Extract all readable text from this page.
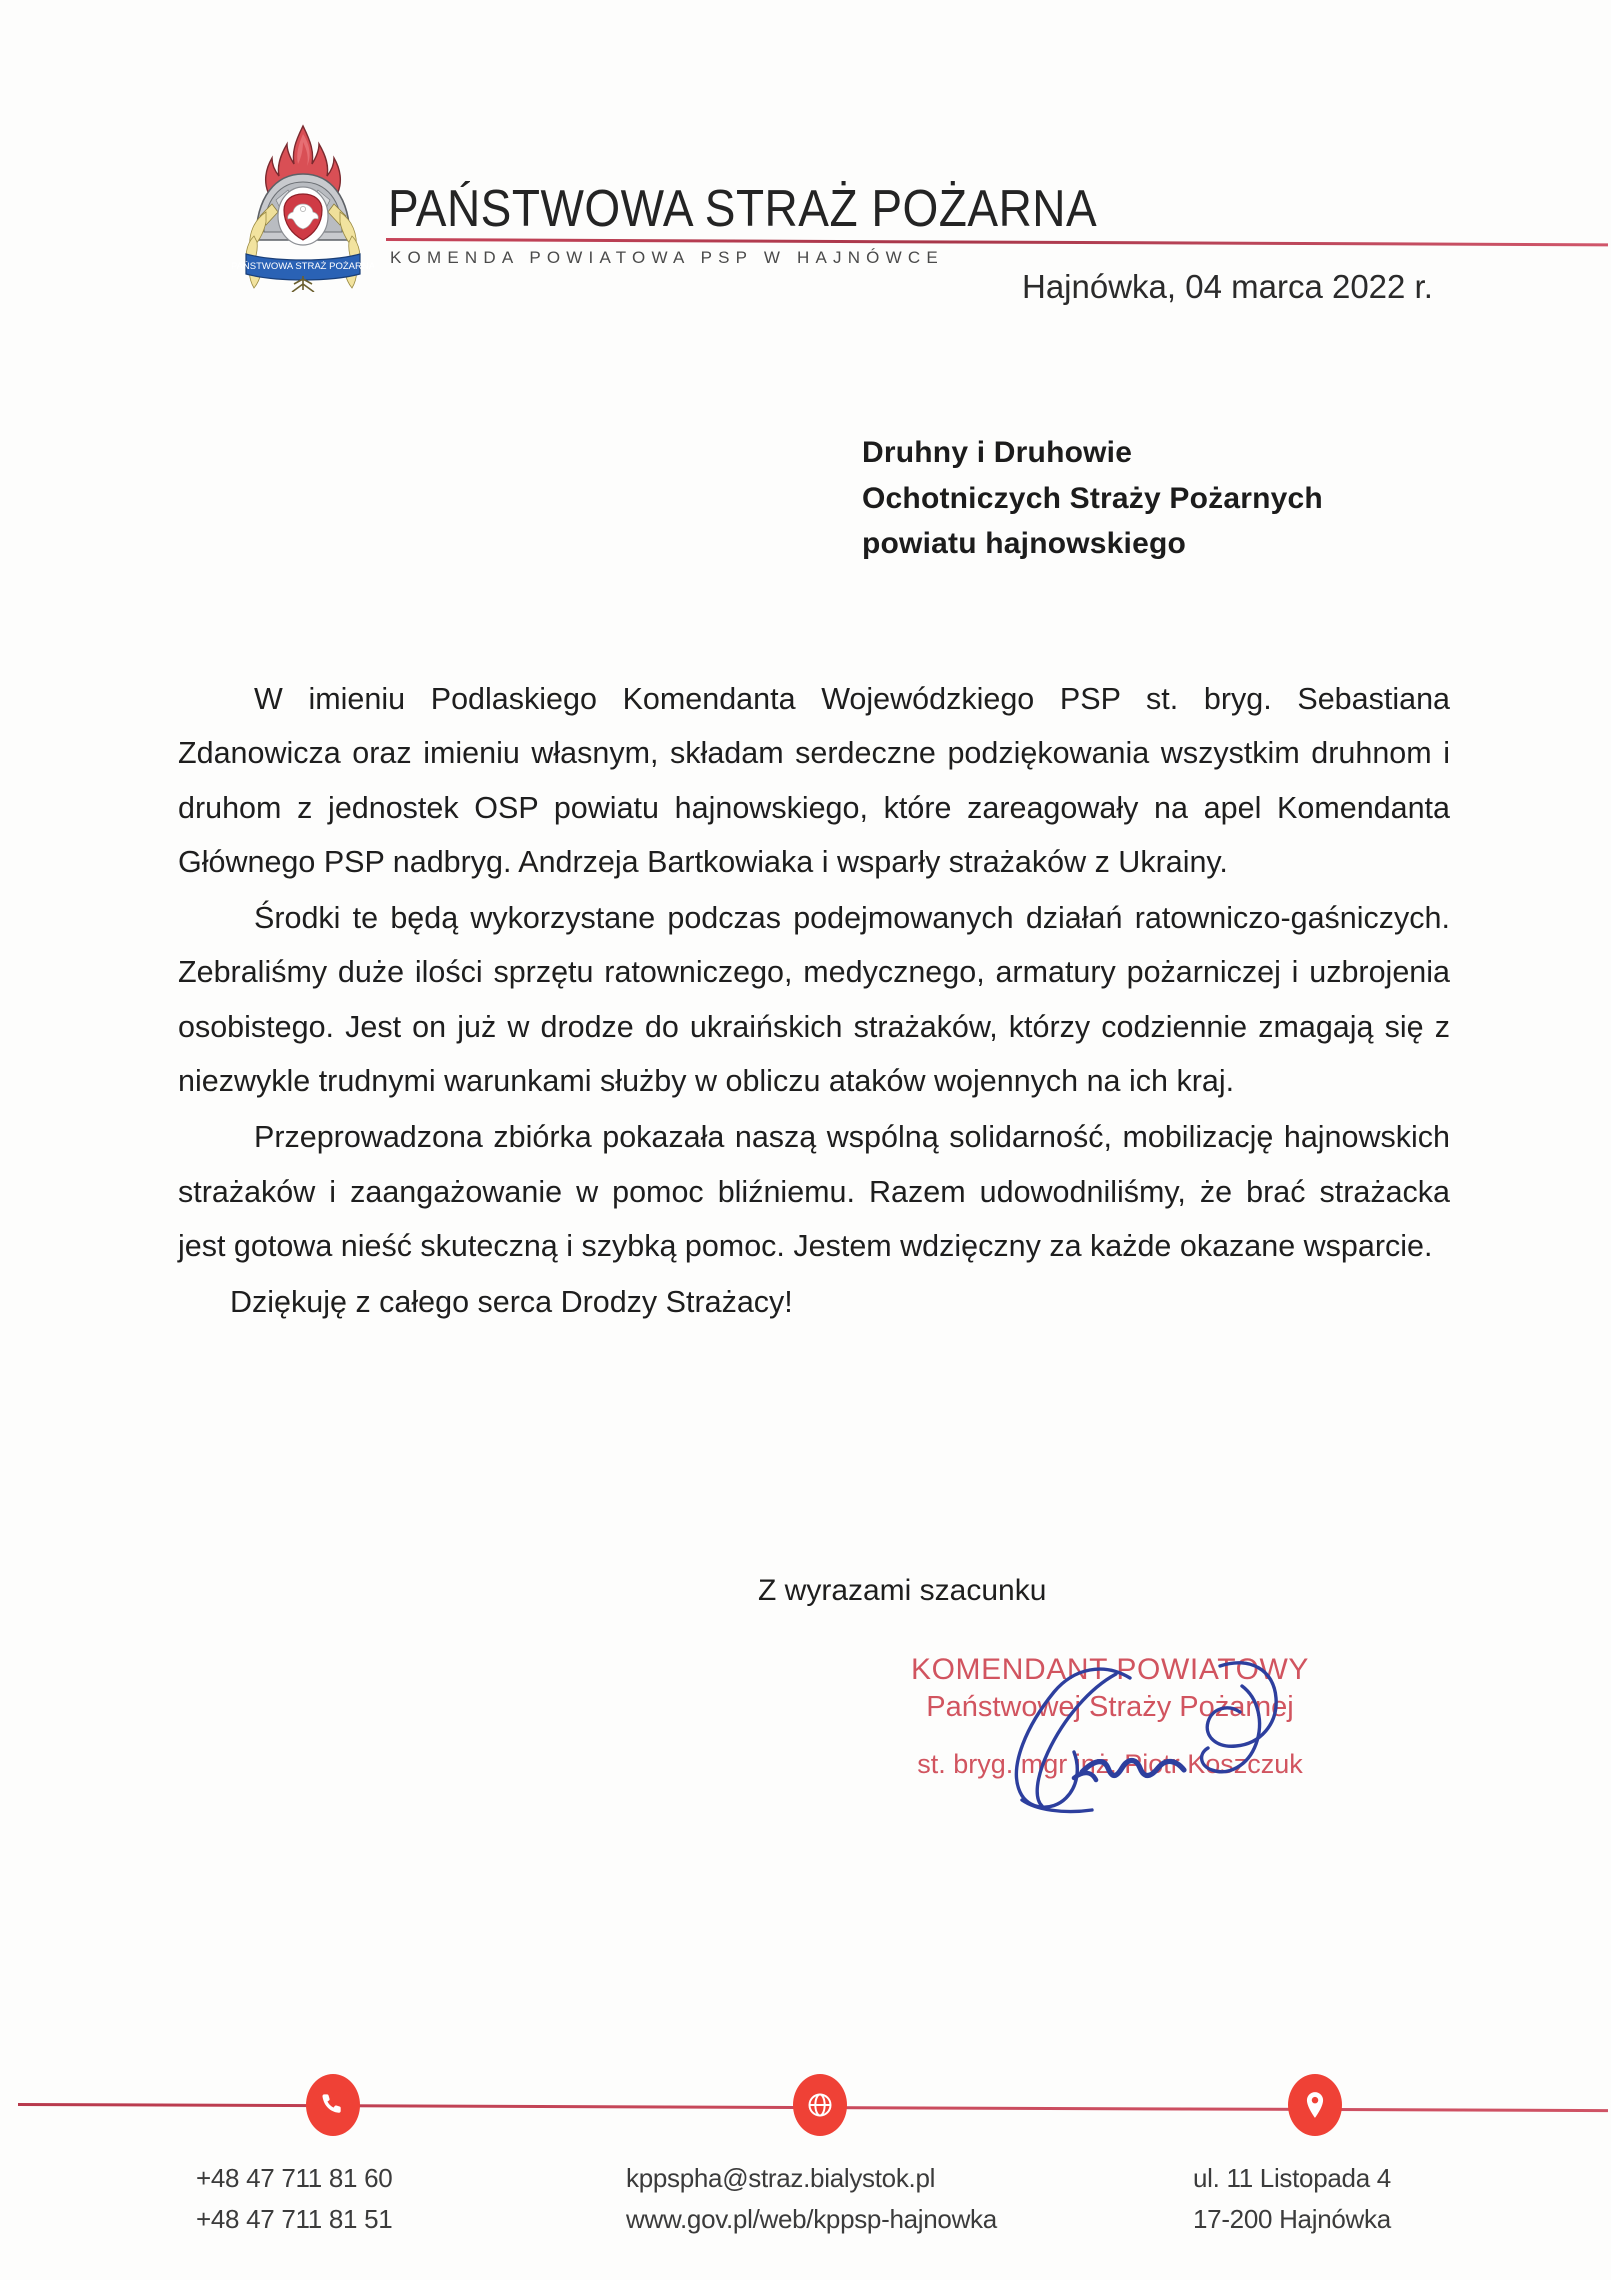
PAŃSTWOWA STRAŻ POŻARNA
PAŃSTWOWA STRAŻ POŻARNA
KOMENDA POWIATOWA PSP W HAJNÓWCE
Hajnówka, 04 marca 2022 r.
Druhny i Druhowie
Ochotniczych Straży Pożarnych
powiatu hajnowskiego

W imieniu Podlaskiego Komendanta Wojewódzkiego PSP st. bryg. Sebastiana Zdanowicza oraz imieniu własnym, składam serdeczne podziękowania wszystkim druhnom i druhom z jednostek OSP powiatu hajnowskiego, które zareagowały na apel Komendanta Głównego PSP nadbryg. Andrzeja Bartkowiaka i wsparły strażaków z Ukrainy.

Środki te będą wykorzystane podczas podejmowanych działań ratowniczo-gaśniczych. Zebraliśmy duże ilości sprzętu ratowniczego, medycznego, armatury pożarniczej i uzbrojenia osobistego. Jest on już w drodze do ukraińskich strażaków, którzy codziennie zmagają się z niezwykle trudnymi warunkami służby w obliczu ataków wojennych na ich kraj.

Przeprowadzona zbiórka pokazała naszą wspólną solidarność, mobilizację hajnowskich strażaków i zaangażowanie w pomoc bliźniemu. Razem udowodniliśmy, że brać strażacka jest gotowa nieść skuteczną i szybką pomoc. Jestem wdzięczny za każde okazane wsparcie.

Dziękuję z całego serca Drodzy Strażacy!

Z wyrazami szacunku
KOMENDANT POWIATOWY
Państwowej Straży Pożarnej
st. bryg. mgr inż. Piotr Koszczuk
+48 47 711 81 60
+48 47 711 81 51
kppspha@straz.bialystok.pl
www.gov.pl/web/kppsp-hajnowka
ul. 11 Listopada 4
17-200 Hajnówka
